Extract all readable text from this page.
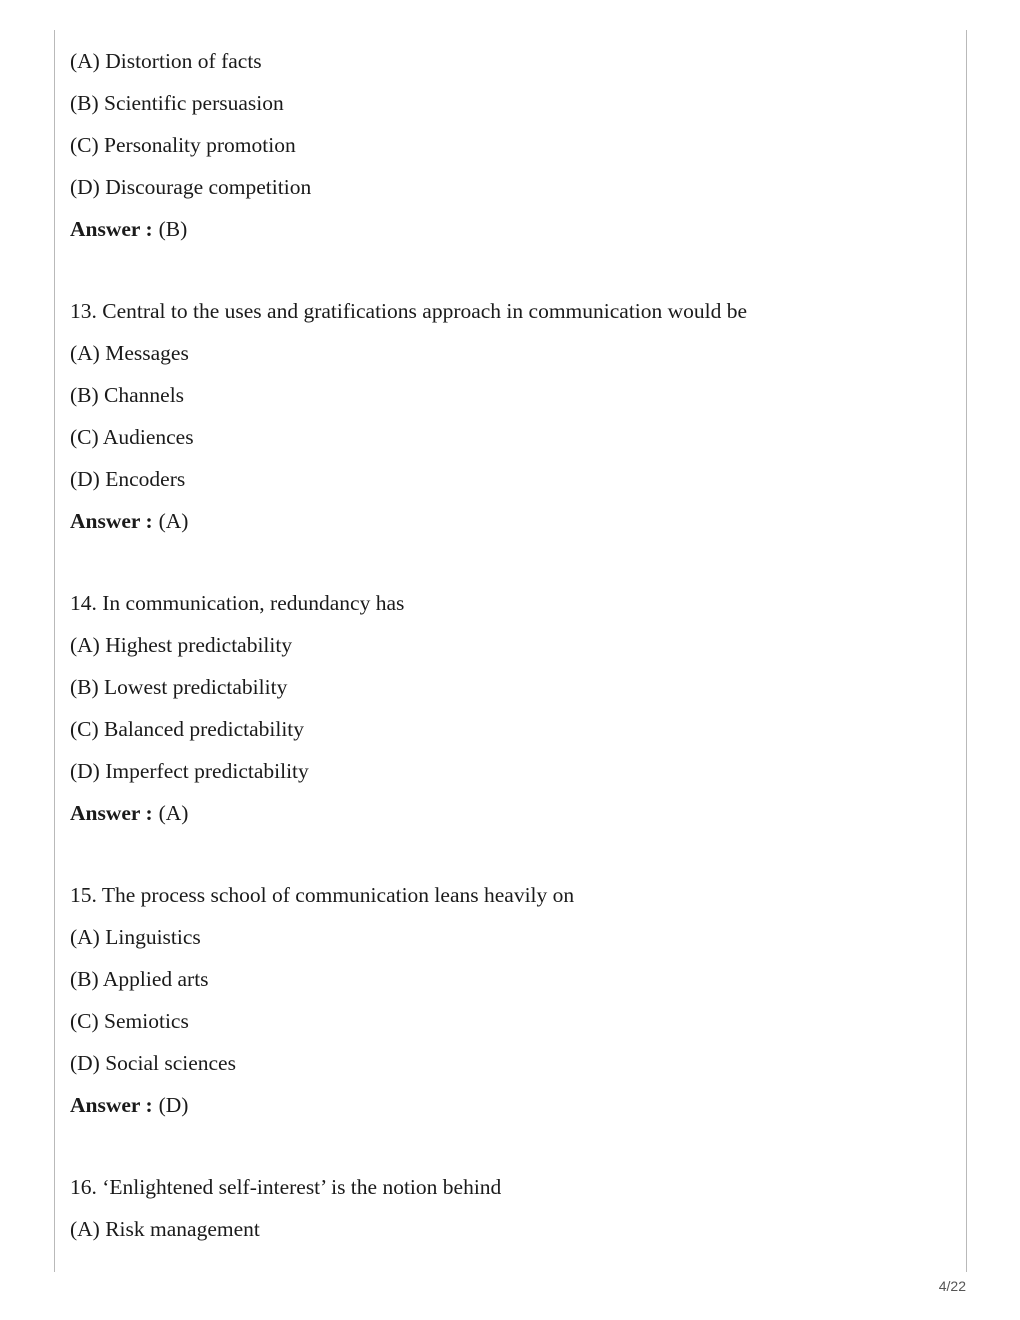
(A) Distortion of facts
(B) Scientific persuasion
(C) Personality promotion
(D) Discourage competition
Answer : (B)
13. Central to the uses and gratifications approach in communication would be
(A) Messages
(B) Channels
(C) Audiences
(D) Encoders
Answer : (A)
14. In communication, redundancy has
(A) Highest predictability
(B) Lowest predictability
(C) Balanced predictability
(D) Imperfect predictability
Answer : (A)
15. The process school of communication leans heavily on
(A) Linguistics
(B) Applied arts
(C) Semiotics
(D) Social sciences
Answer : (D)
16. ‘Enlightened self-interest’ is the notion behind
(A) Risk management
4/22
